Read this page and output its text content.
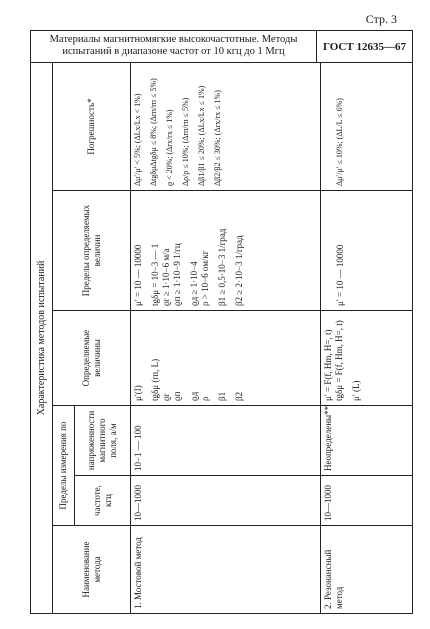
Стр. 3
Материалы магнитномягкие высокочастотные. Методы
испытаний в диапазоне частот от 10 кгц до 1 Мгц	ГОСТ 12635—67
Характеристика методов испытаний
Наименование метода
Пределы измерения по	частоте, кгц
напряженности магнитного поля, а/м
Определяемые величины
Пределы определяемых величин
Погрешность*
1. Мостовой метод
10—1000
10−1 — 100
μ′(I) tgδμ (rп, L) ϱr ϱп ϱд ρ β1 β2
μ′ = 10 — 10000 tgδμ = 10−3 — 1 ϱr ≥ 1·10−6 м/а ϱп ≥ 1·10−9 1/гц ϱд ≥ 1·10−4 ρ > 10−6 ом/кг β1 ≥ 0,5·10−3 1/град β2 ≥ 2·10−3 1/град
Δμ′/μ′ < 5%; (ΔLх/Lх < 1%) ΔtgδμΔtgδμ ≤ 8%; (Δrп/rп ≤ 5%) ϱ < 20%; (Δrх/rх ≤ 1%) Δρ/ρ ≤ 10%; (Δrп/rп ≤ 5%) Δβ1/β1 ≤ 20%; (ΔLх/Lх ≤ 1%) Δβ2/β2 ≤ 30%; (Δrх/rх ≤ 1%)
2. Резонансный метод
10—1000
Неопределены**
μ′ = F(f, Hm, H=, t) tgδμ = F(f, Hm, H=, t) μ′ (L)
μ′ = 10 — 10000
Δμ′/μ′ ≤ 10%; (ΔL/L ≤ 6%)
